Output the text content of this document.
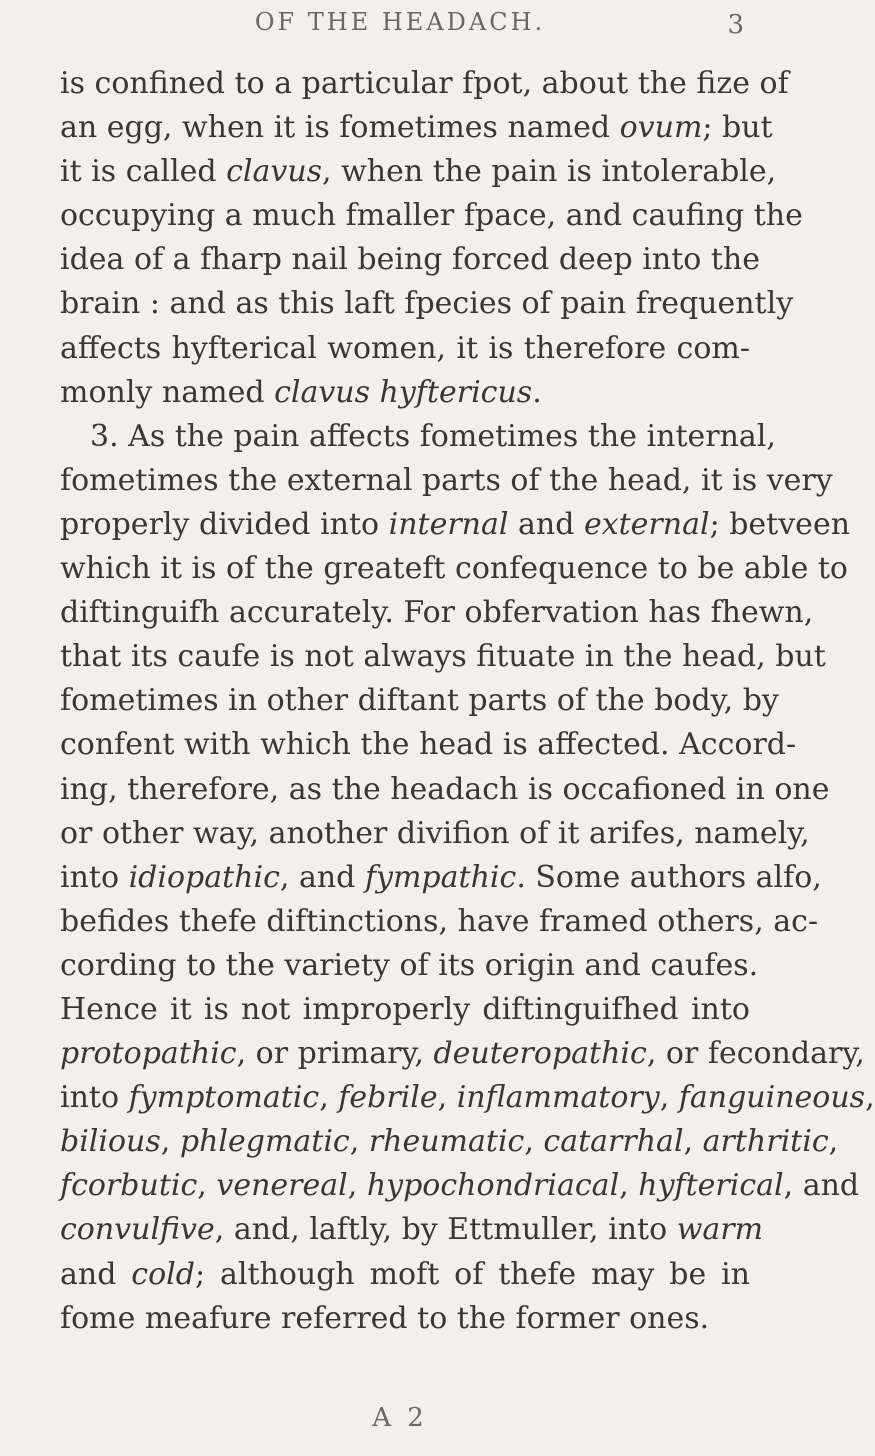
OF THE HEADACH.	3
is confined to a particular fpot, about the fize of
an egg, when it is fometimes named ovum; but
it is called clavus, when the pain is intolerable,
occupying a much fmaller fpace, and caufing the
idea of a fharp nail being forced deep into the
brain : and as this laft fpecies of pain frequently
affects hyfterical women, it is therefore com-
monly named clavus hyftericus.
3. As the pain affects fometimes the internal,
fometimes the external parts of the head, it is very
properly divided into internal and external; betveen
which it is of the greateft confequence to be able to
diftinguifh accurately. For obfervation has fhewn,
that its caufe is not always fituate in the head, but
fometimes in other diftant parts of the body, by
confent with which the head is affected. Accord-
ing, therefore, as the headach is occafioned in one
or other way, another divifion of it arifes, namely,
into idiopathic, and fympathic. Some authors alfo,
befides thefe diftinctions, have framed others, ac-
cording to the variety of its origin and caufes.
Hence it is not improperly diftinguifhed into
protopathic, or primary, deuteropathic, or fecondary,
into fymptomatic, febrile, inflammatory, fanguineous,
bilious, phlegmatic, rheumatic, catarrhal, arthritic,
fcorbutic, venereal, hypochondriacal, hyfterical, and
convulfive, and, laftly, by Ettmuller, into warm
and cold; although moft of thefe may be in
fome meafure referred to the former ones.
A 2
